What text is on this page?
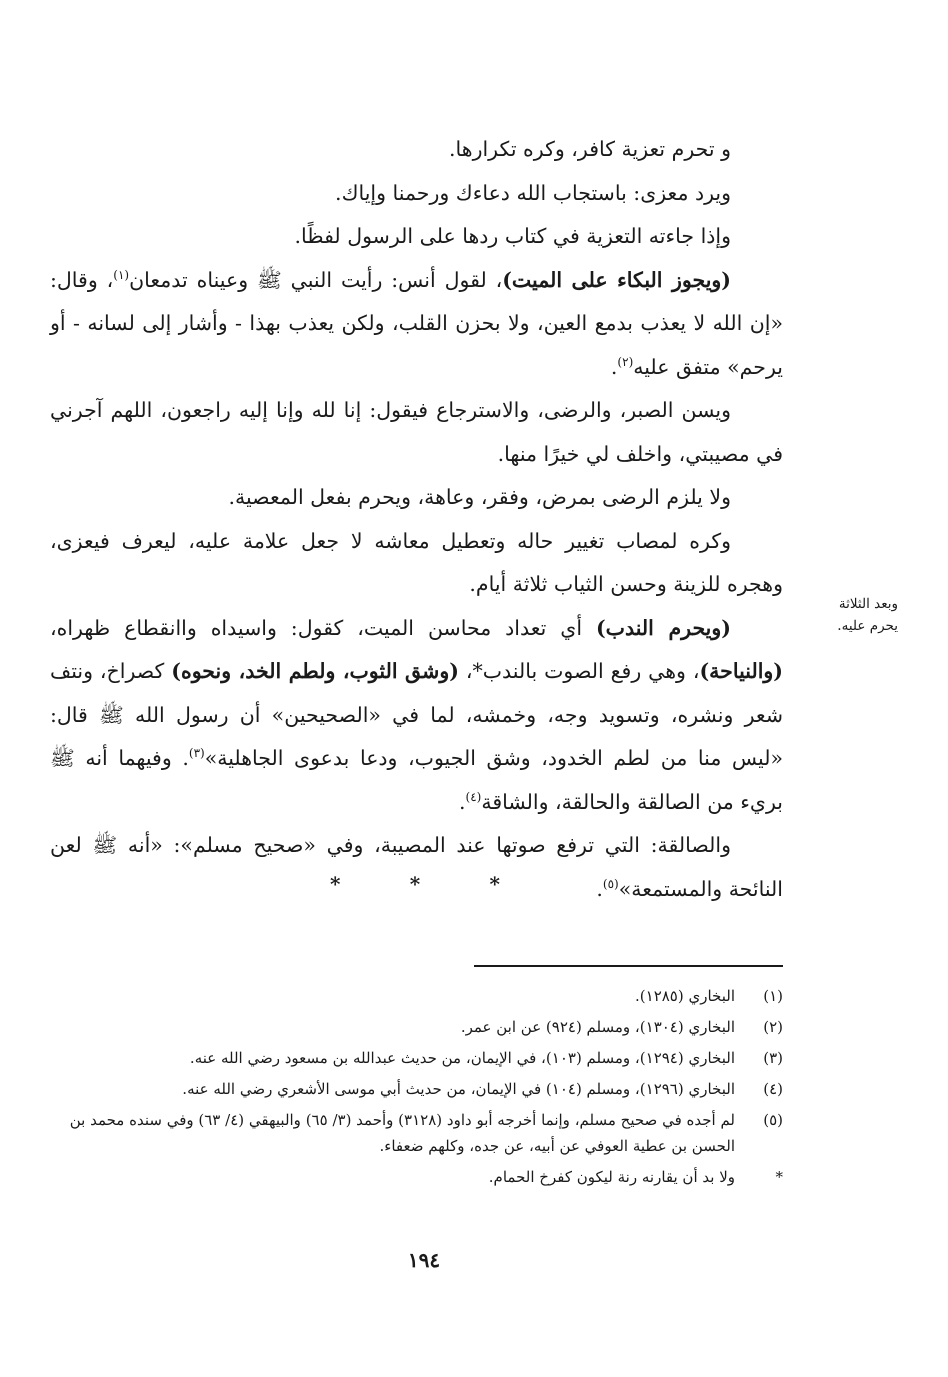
و تحرم تعزية كافر، وكره تكرارها.

ويرد معزى: باستجاب الله دعاءك ورحمنا وإياك.

وإذا جاءته التعزية في كتاب ردها على الرسول لفظًا.

(ويجوز البكاء على الميت)، لقول أنس: رأيت النبي ﷺ وعيناه تدمعان$^{(١)}$، وقال: «إن الله لا يعذب بدمع العين، ولا بحزن القلب، ولكن يعذب بهذا - وأشار إلى لسانه - أو يرحم» متفق عليه$^{(٢)}$.

ويسن الصبر، والرضى، والاسترجاع فيقول: إنا لله وإنا إليه راجعون، اللهم آجرني في مصيبتي، واخلف لي خيرًا منها.

ولا يلزم الرضى بمرض، وفقر، وعاهة، ويحرم بفعل المعصية.

وكره لمصاب تغيير حاله وتعطيل معاشه لا جعل علامة عليه، ليعرف فيعزى، وهجره للزينة وحسن الثياب ثلاثة أيام.

(ويحرم الندب) أي تعداد محاسن الميت، كقول: واسيداه واانقطاع ظهراه، (والنياحة)، وهي رفع الصوت بالندب*، (وشق الثوب، ولطم الخد، ونحوه) كصراخ، ونتف شعر ونشره، وتسويد وجه، وخمشه، لما في «الصحيحين» أن رسول الله ﷺ قال: «ليس منا من لطم الخدود، وشق الجيوب، ودعا بدعوى الجاهلية»$^{(٣)}$. وفيهما أنه ﷺ بريء من الصالقة والحالقة، والشاقة$^{(٤)}$.

والصالقة: التي ترفع صوتها عند المصيبة، وفي «صحيح مسلم»: «أنه ﷺ لعن النائحة والمستمعة»$^{(٥)}$.

وبعد الثلاثة يحرم عليه.
*	*	*
(١)
البخاري (١٢٨٥).
(٢)
البخاري (١٣٠٤)، ومسلم (٩٢٤) عن ابن عمر.
(٣)
البخاري (١٢٩٤)، ومسلم (١٠٣)، في الإيمان، من حديث عبدالله بن مسعود رضي الله عنه.
(٤)
البخاري (١٢٩٦)، ومسلم (١٠٤) في الإيمان، من حديث أبي موسى الأشعري رضي الله عنه.
(٥)
لم أجده في صحيح مسلم، وإنما أخرجه أبو داود (٣١٢٨) وأحمد (٣/ ٦٥) والبيهقي (٤/ ٦٣) وفي سنده محمد بن الحسن بن عطية العوفي عن أبيه، عن جده، وكلهم ضعفاء.
*
ولا بد أن يقارنه رنة ليكون كفرخ الحمام.
١٩٤
